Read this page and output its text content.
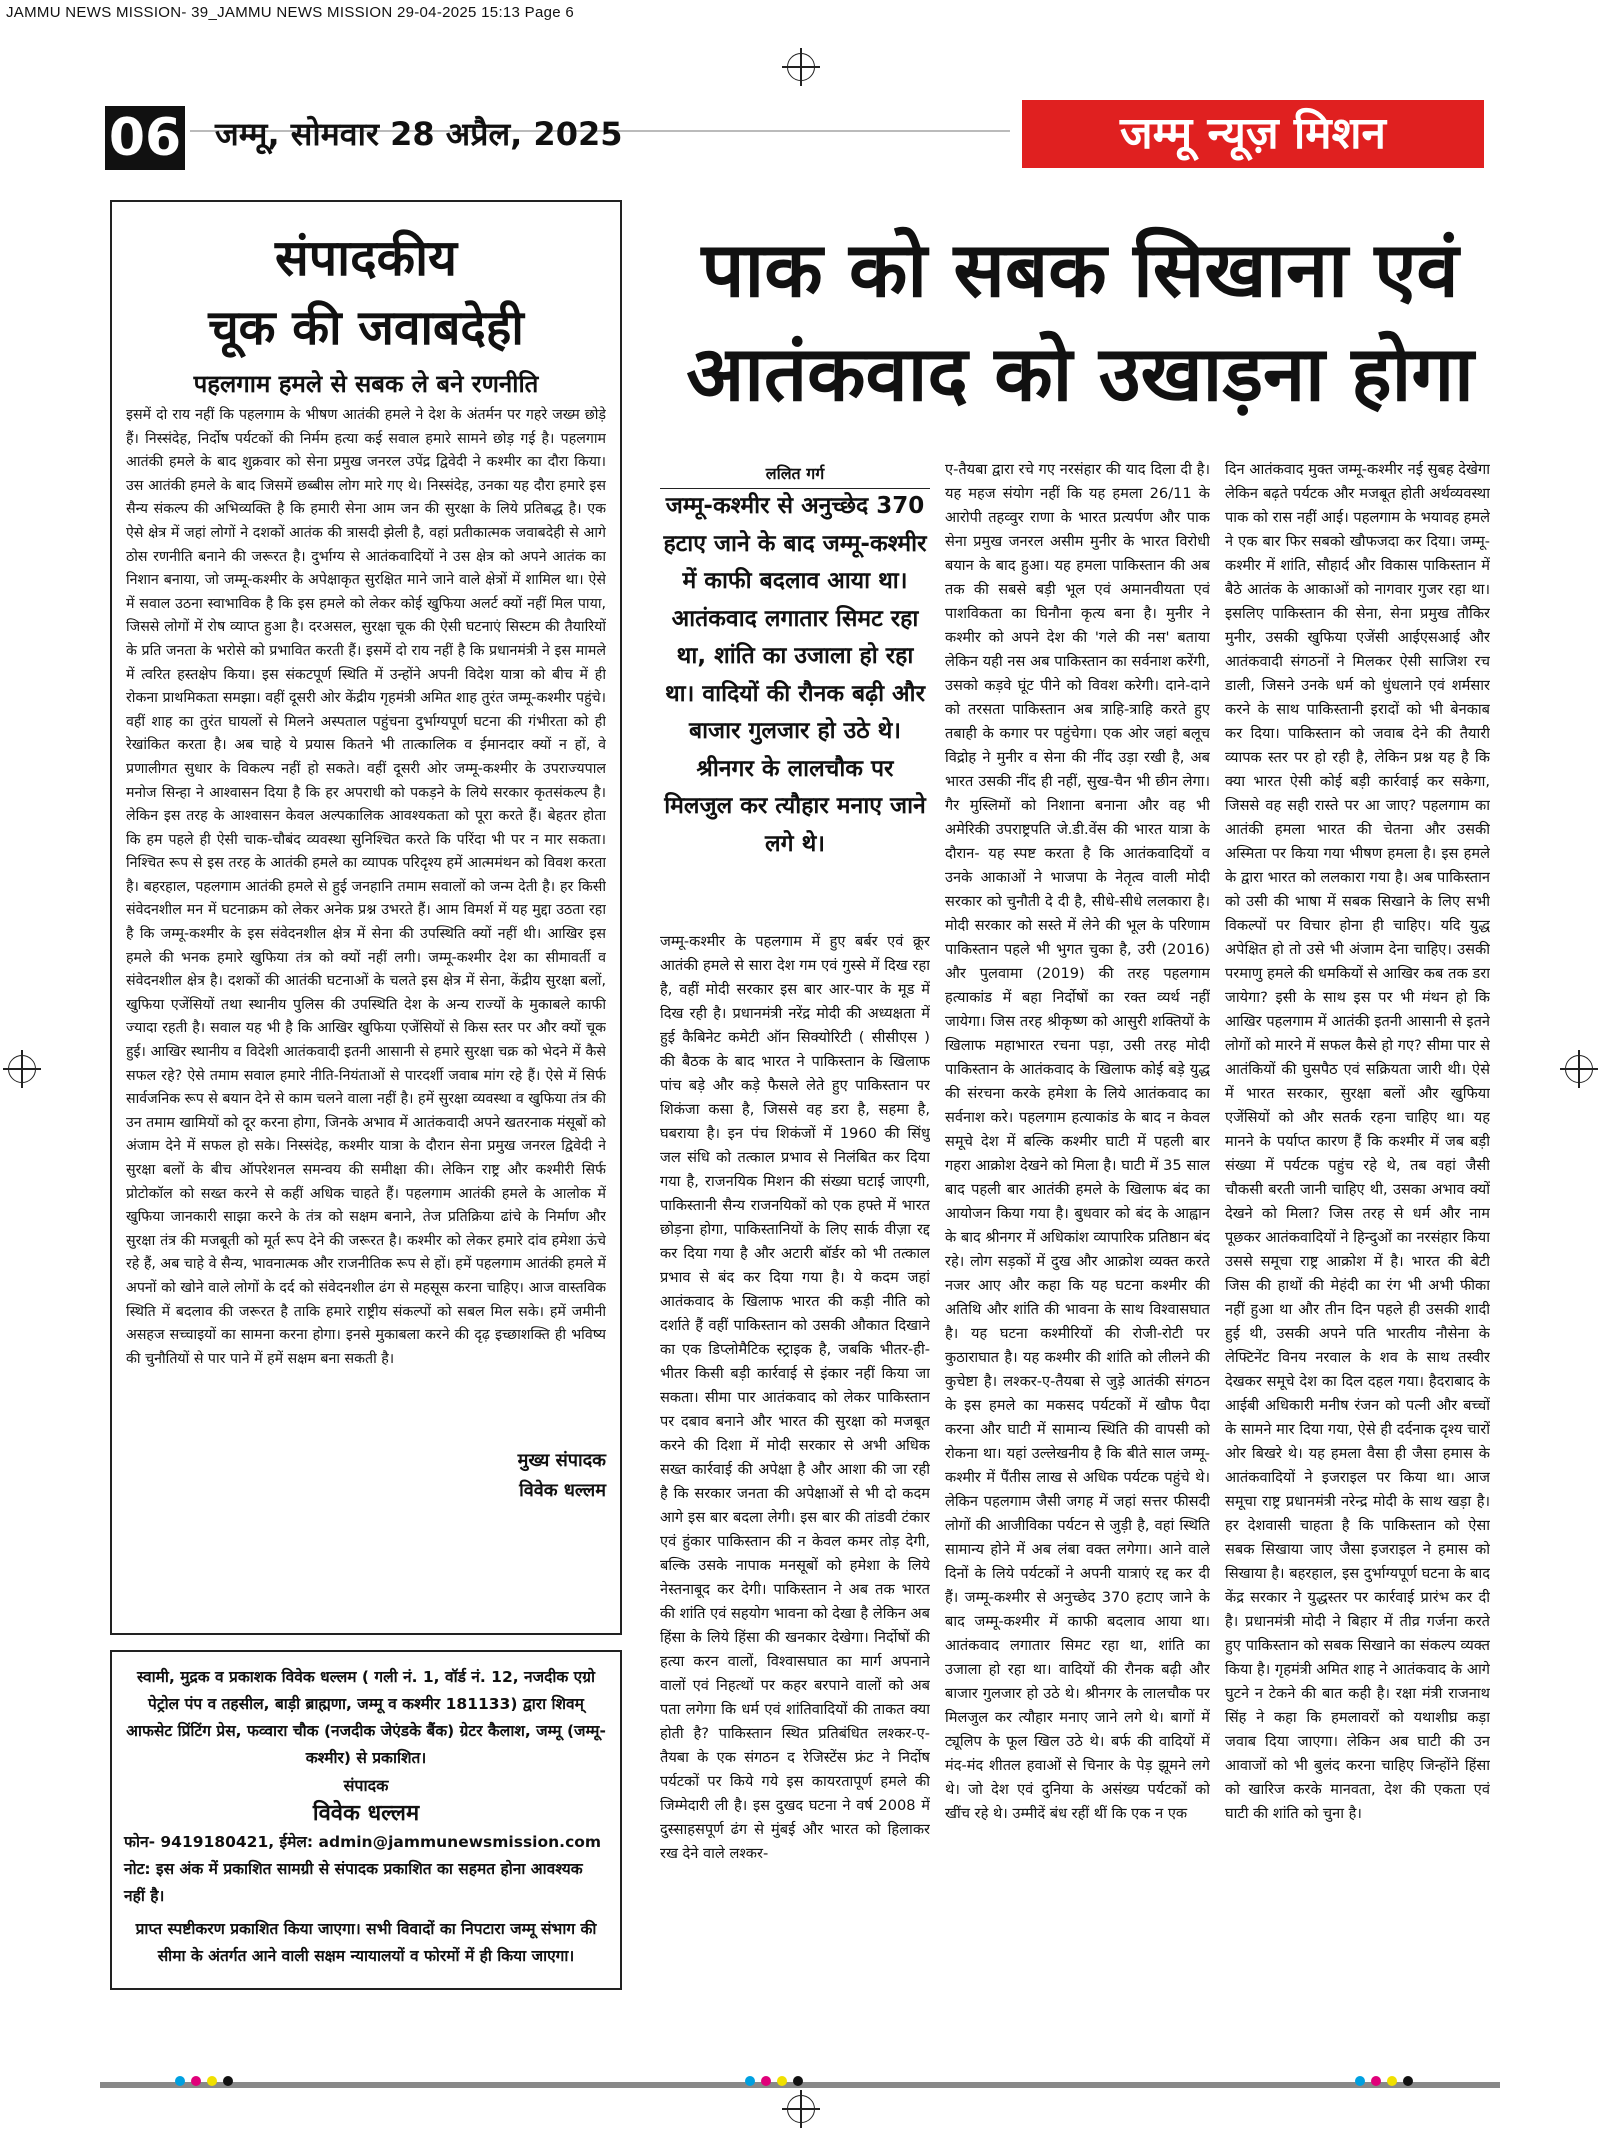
JAMMU NEWS MISSION- 39_JAMMU NEWS MISSION 29-04-2025 15:13 Page 6
06 जम्मू, सोमवार 28 अप्रैल, 2025	जम्मू न्यूज़ मिशन
संपादकीय
चूक की जवाबदेही
पहलगाम हमले से सबक ले बने रणनीति
इसमें दो राय नहीं कि पहलगाम के भीषण आतंकी हमले ने देश के अंतर्मन पर गहरे जख्म छोड़े हैं। निस्संदेह, निर्दोष पर्यटकों की निर्मम हत्या कई सवाल हमारे सामने छोड़ गई है। पहलगाम आतंकी हमले के बाद शुक्रवार को सेना प्रमुख जनरल उपेंद्र द्विवेदी ने कश्मीर का दौरा किया। उस आतंकी हमले के बाद जिसमें छब्बीस लोग मारे गए थे। निस्संदेह, उनका यह दौरा हमारे इस सैन्य संकल्प की अभिव्यक्ति है कि हमारी सेना आम जन की सुरक्षा के लिये प्रतिबद्ध है। एक ऐसे क्षेत्र में जहां लोगों ने दशकों आतंक की त्रासदी झेली है, वहां प्रतीकात्मक जवाबदेही से आगे ठोस रणनीति बनाने की जरूरत है। दुर्भाग्य से आतंकवादियों ने उस क्षेत्र को अपने आतंक का निशान बनाया, जो जम्मू-कश्मीर के अपेक्षाकृत सुरक्षित माने जाने वाले क्षेत्रों में शामिल था। ऐसे में सवाल उठना स्वाभाविक है कि इस हमले को लेकर कोई खुफिया अलर्ट क्यों नहीं मिल पाया, जिससे लोगों में रोष व्याप्त हुआ है। दरअसल, सुरक्षा चूक की ऐसी घटनाएं सिस्टम की तैयारियों के प्रति जनता के भरोसे को प्रभावित करती हैं। इसमें दो राय नहीं है कि प्रधानमंत्री ने इस मामले में त्वरित हस्तक्षेप किया। इस संकटपूर्ण स्थिति में उन्होंने अपनी विदेश यात्रा को बीच में ही रोकना प्राथमिकता समझा। वहीं दूसरी ओर केंद्रीय गृहमंत्री अमित शाह तुरंत जम्मू-कश्मीर पहुंचे। वहीं शाह का तुरंत घायलों से मिलने अस्पताल पहुंचना दुर्भाग्यपूर्ण घटना की गंभीरता को ही रेखांकित करता है। अब चाहे ये प्रयास कितने भी तात्कालिक व ईमानदार क्यों न हों, वे प्रणालीगत सुधार के विकल्प नहीं हो सकते। वहीं दूसरी ओर जम्मू-कश्मीर के उपराज्यपाल मनोज सिन्हा ने आश्वासन दिया है कि हर अपराधी को पकड़ने के लिये सरकार कृतसंकल्प है। लेकिन इस तरह के आश्वासन केवल अल्पकालिक आवश्यकता को पूरा करते हैं। बेहतर होता कि हम पहले ही ऐसी चाक-चौबंद व्यवस्था सुनिश्चित करते कि परिंदा भी पर न मार सकता। निश्चित रूप से इस तरह के आतंकी हमले का व्यापक परिदृश्य हमें आत्ममंथन को विवश करता है। बहरहाल, पहलगाम आतंकी हमले से हुई जनहानि तमाम सवालों को जन्म देती है। हर किसी संवेदनशील मन में घटनाक्रम को लेकर अनेक प्रश्न उभरते हैं। आम विमर्श में यह मुद्दा उठता रहा है कि जम्मू-कश्मीर के इस संवेदनशील क्षेत्र में सेना की उपस्थिति क्यों नहीं थी। आखिर इस हमले की भनक हमारे खुफिया तंत्र को क्यों नहीं लगी। जम्मू-कश्मीर देश का सीमावर्ती व संवेदनशील क्षेत्र है। दशकों की आतंकी घटनाओं के चलते इस क्षेत्र में सेना, केंद्रीय सुरक्षा बलों, खुफिया एजेंसियों तथा स्थानीय पुलिस की उपस्थिति देश के अन्य राज्यों के मुकाबले काफी ज्यादा रहती है। सवाल यह भी है कि आखिर खुफिया एजेंसियों से किस स्तर पर और क्यों चूक हुई। आखिर स्थानीय व विदेशी आतंकवादी इतनी आसानी से हमारे सुरक्षा चक्र को भेदने में कैसे सफल रहे? ऐसे तमाम सवाल हमारे नीति-नियंताओं से पारदर्शी जवाब मांग रहे हैं। ऐसे में सिर्फ सार्वजनिक रूप से बयान देने से काम चलने वाला नहीं है। हमें सुरक्षा व्यवस्था व खुफिया तंत्र की उन तमाम खामियों को दूर करना होगा, जिनके अभाव में आतंकवादी अपने खतरनाक मंसूबों को अंजाम देने में सफल हो सके। निस्संदेह, कश्मीर यात्रा के दौरान सेना प्रमुख जनरल द्विवेदी ने सुरक्षा बलों के बीच ऑपरेशनल समन्वय की समीक्षा की। लेकिन राष्ट्र और कश्मीरी सिर्फ प्रोटोकॉल को सख्त करने से कहीं अधिक चाहते हैं। पहलगाम आतंकी हमले के आलोक में खुफिया जानकारी साझा करने के तंत्र को सक्षम बनाने, तेज प्रतिक्रिया ढांचे के निर्माण और सुरक्षा तंत्र की मजबूती को मूर्त रूप देने की जरूरत है। कश्मीर को लेकर हमारे दांव हमेशा ऊंचे रहे हैं, अब चाहे वे सैन्य, भावनात्मक और राजनीतिक रूप से हों। हमें पहलगाम आतंकी हमले में अपनों को खोने वाले लोगों के दर्द को संवेदनशील ढंग से महसूस करना चाहिए। आज वास्तविक स्थिति में बदलाव की जरूरत है ताकि हमारे राष्ट्रीय संकल्पों को सबल मिल सके। हमें जमीनी असहज सच्चाइयों का सामना करना होगा। इनसे मुकाबला करने की दृढ़ इच्छाशक्ति ही भविष्य की चुनौतियों से पार पाने में हमें सक्षम बना सकती है।
मुख्य संपादक
विवेक धल्लम
स्वामी, मुद्रक व प्रकाशक विवेक धल्लम ( गली नं. 1, वॉर्ड नं. 12, नजदीक एग्रो पेट्रोल पंप व तहसील, बाड़ी ब्राह्मणा, जम्मू व कश्मीर 181133) द्वारा शिवम् आफसेट प्रिंटिंग प्रेस, फव्वारा चौक (नजदीक जेएंडके बैंक) ग्रेटर कैलाश, जम्मू (जम्मू-कश्मीर) से प्रकाशित।
संपादक
विवेक धल्लम
फोन- 9419180421, ईमेल: admin@jammunewsmission.com
नोट: इस अंक में प्रकाशित सामग्री से संपादक प्रकाशित का सहमत होना आवश्यक नहीं है।
प्राप्त स्पष्टीकरण प्रकाशित किया जाएगा। सभी विवादों का निपटारा जम्मू संभाग की सीमा के अंतर्गत आने वाली सक्षम न्यायालयों व फोरमों में ही किया जाएगा।
पाक को सबक सिखाना एवं
आतंकवाद को उखाड़ना होगा
ललित गर्ग
जम्मू-कश्मीर से अनुच्छेद 370 हटाए जाने के बाद जम्मू-कश्मीर में काफी बदलाव आया था। आतंकवाद लगातार सिमट रहा था, शांति का उजाला हो रहा था। वादियों की रौनक बढ़ी और बाजार गुलजार हो उठे थे। श्रीनगर के लालचौक पर मिलजुल कर त्यौहार मनाए जाने लगे थे।
जम्मू-कश्मीर के पहलगाम में हुए बर्बर एवं क्रूर आतंकी हमले से सारा देश गम एवं गुस्से में दिख रहा है, वहीं मोदी सरकार इस बार आर-पार के मूड में दिख रही है। प्रधानमंत्री नरेंद्र मोदी की अध्यक्षता में हुई कैबिनेट कमेटी ऑन सिक्योरिटी ( सीसीएस ) की बैठक के बाद भारत ने पाकिस्तान के खिलाफ पांच बड़े और कड़े फैसले लेते हुए पाकिस्तान पर शिकंजा कसा है, जिससे वह डरा है, सहमा है, घबराया है। इन पंच शिकंजों में 1960 की सिंधु जल संधि को तत्काल प्रभाव से निलंबित कर दिया गया है, राजनयिक मिशन की संख्या घटाई जाएगी, पाकिस्तानी सैन्य राजनयिकों को एक हफ्ते में भारत छोड़ना होगा, पाकिस्तानियों के लिए सार्क वीज़ा रद्द कर दिया गया है और अटारी बॉर्डर को भी तत्काल प्रभाव से बंद कर दिया गया है। ये कदम जहां आतंकवाद के खिलाफ भारत की कड़ी नीति को दर्शाते हैं वहीं पाकिस्तान को उसकी औकात दिखाने का एक डिप्लोमैटिक स्ट्राइक है, जबकि भीतर-ही-भीतर किसी बड़ी कार्रवाई से इंकार नहीं किया जा सकता। सीमा पार आतंकवाद को लेकर पाकिस्तान पर दबाव बनाने और भारत की सुरक्षा को मजबूत करने की दिशा में मोदी सरकार से अभी अधिक सख्त कार्रवाई की अपेक्षा है और आशा की जा रही है कि सरकार जनता की अपेक्षाओं से भी दो कदम आगे इस बार बदला लेगी। इस बार की तांडवी टंकार एवं हुंकार पाकिस्तान की न केवल कमर तोड़ देगी, बल्कि उसके नापाक मनसूबों को हमेशा के लिये नेस्तनाबूद कर देगी। पाकिस्तान ने अब तक भारत की शांति एवं सहयोग भावना को देखा है लेकिन अब हिंसा के लिये हिंसा की खनकार देखेगा। निर्दोषों की हत्या करन वालों, विश्वासघात का मार्ग अपनाने वालों एवं निहत्थों पर कहर बरपाने वालों को अब पता लगेगा कि धर्म एवं शांतिवादियों की ताकत क्या होती है? पाकिस्तान स्थित प्रतिबंधित लश्कर-ए-तैयबा के एक संगठन द रेजिस्टेंस फ्रंट ने निर्दोष पर्यटकों पर किये गये इस कायरतापूर्ण हमले की जिम्मेदारी ली है। इस दुखद घटना ने वर्ष 2008 में दुस्साहसपूर्ण ढंग से मुंबई और भारत को हिलाकर रख देने वाले लश्कर-
ए-तैयबा द्वारा रचे गए नरसंहार की याद दिला दी है। यह महज संयोग नहीं कि यह हमला 26/11 के आरोपी तहव्वुर राणा के भारत प्रत्यर्पण और पाक सेना प्रमुख जनरल असीम मुनीर के भारत विरोधी बयान के बाद हुआ। यह हमला पाकिस्तान की अब तक की सबसे बड़ी भूल एवं अमानवीयता एवं पाशविकता का घिनौना कृत्य बना है। मुनीर ने कश्मीर को अपने देश की 'गले की नस' बताया लेकिन यही नस अब पाकिस्तान का सर्वनाश करेंगी, उसको कड़वे घूंट पीने को विवश करेगी। दाने-दाने को तरसता पाकिस्तान अब त्राहि-त्राहि करते हुए तबाही के कगार पर पहुंचेगा। एक ओर जहां बलूच विद्रोह ने मुनीर व सेना की नींद उड़ा रखी है, अब भारत उसकी नींद ही नहीं, सुख-चैन भी छीन लेगा। गैर मुस्लिमों को निशाना बनाना और वह भी अमेरिकी उपराष्ट्रपति जे.डी.वेंस की भारत यात्रा के दौरान- यह स्पष्ट करता है कि आतंकवादियों व उनके आकाओं ने भाजपा के नेतृत्व वाली मोदी सरकार को चुनौती दे दी है, सीधे-सीधे ललकारा है। मोदी सरकार को सस्ते में लेने की भूल के परिणाम पाकिस्तान पहले भी भुगत चुका है, उरी (2016) और पुलवामा (2019) की तरह पहलगाम हत्याकांड में बहा निर्दोषों का रक्त व्यर्थ नहीं जायेगा। जिस तरह श्रीकृष्ण को आसुरी शक्तियों के खिलाफ महाभारत रचना पड़ा, उसी तरह मोदी पाकिस्तान के आतंकवाद के खिलाफ कोई बड़े युद्ध की संरचना करके हमेशा के लिये आतंकवाद का सर्वनाश करे। पहलगाम हत्याकांड के बाद न केवल समूचे देश में बल्कि कश्मीर घाटी में पहली बार गहरा आक्रोश देखने को मिला है। घाटी में 35 साल बाद पहली बार आतंकी हमले के खिलाफ बंद का आयोजन किया गया है। बुधवार को बंद के आह्वान के बाद श्रीनगर में अधिकांश व्यापारिक प्रतिष्ठान बंद रहे। लोग सड़कों में दुख और आक्रोश व्यक्त करते नजर आए और कहा कि यह घटना कश्मीर की अतिथि और शांति की भावना के साथ विश्वासघात है। यह घटना कश्मीरियों की रोजी-रोटी पर कुठाराघात है। यह कश्मीर की शांति को लीलने की कुचेष्टा है। लश्कर-ए-तैयबा से जुड़े आतंकी संगठन के इस हमले का मकसद पर्यटकों में खौफ पैदा करना और घाटी में सामान्य स्थिति की वापसी को रोकना था। यहां उल्लेखनीय है कि बीते साल जम्मू-कश्मीर में पैंतीस लाख से अधिक पर्यटक पहुंचे थे। लेकिन पहलगाम जैसी जगह में जहां सत्तर फीसदी लोगों की आजीविका पर्यटन से जुड़ी है, वहां स्थिति सामान्य होने में अब लंबा वक्त लगेगा। आने वाले दिनों के लिये पर्यटकों ने अपनी यात्राएं रद्द कर दी हैं। जम्मू-कश्मीर से अनुच्छेद 370 हटाए जाने के बाद जम्मू-कश्मीर में काफी बदलाव आया था। आतंकवाद लगातार सिमट रहा था, शांति का उजाला हो रहा था। वादियों की रौनक बढ़ी और बाजार गुलजार हो उठे थे। श्रीनगर के लालचौक पर मिलजुल कर त्यौहार मनाए जाने लगे थे। बागों में ट्यूलिप के फूल खिल उठे थे। बर्फ की वादियों में मंद-मंद शीतल हवाओं से चिनार के पेड़ झूमने लगे थे। जो देश एवं दुनिया के असंख्य पर्यटकों को खींच रहे थे। उम्मीदें बंध रहीं थीं कि एक न एक
दिन आतंकवाद मुक्त जम्मू-कश्मीर नई सुबह देखेगा लेकिन बढ़ते पर्यटक और मजबूत होती अर्थव्यवस्था पाक को रास नहीं आई। पहलगाम के भयावह हमले ने एक बार फिर सबको खौफजदा कर दिया। जम्मू-कश्मीर में शांति, सौहार्द और विकास पाकिस्तान में बैठे आतंक के आकाओं को नागवार गुजर रहा था। इसलिए पाकिस्तान की सेना, सेना प्रमुख तौकिर मुनीर, उसकी खुफिया एजेंसी आईएसआई और आतंकवादी संगठनों ने मिलकर ऐसी साजिश रच डाली, जिसने उनके धर्म को धुंधलाने एवं शर्मसार करने के साथ पाकिस्तानी इरादों को भी बेनकाब कर दिया। पाकिस्तान को जवाब देने की तैयारी व्यापक स्तर पर हो रही है, लेकिन प्रश्न यह है कि क्या भारत ऐसी कोई बड़ी कार्रवाई कर सकेगा, जिससे वह सही रास्ते पर आ जाए? पहलगाम का आतंकी हमला भारत की चेतना और उसकी अस्मिता पर किया गया भीषण हमला है। इस हमले के द्वारा भारत को ललकारा गया है। अब पाकिस्तान को उसी की भाषा में सबक सिखाने के लिए सभी विकल्पों पर विचार होना ही चाहिए। यदि युद्ध अपेक्षित हो तो उसे भी अंजाम देना चाहिए। उसकी परमाणु हमले की धमकियों से आखिर कब तक डरा जायेगा? इसी के साथ इस पर भी मंथन हो कि आखिर पहलगाम में आतंकी इतनी आसानी से इतने लोगों को मारने में सफल कैसे हो गए? सीमा पार से आतंकियों की घुसपैठ एवं सक्रियता जारी थी। ऐसे में भारत सरकार, सुरक्षा बलों और खुफिया एजेंसियों को और सतर्क रहना चाहिए था। यह मानने के पर्याप्त कारण हैं कि कश्मीर में जब बड़ी संख्या में पर्यटक पहुंच रहे थे, तब वहां जैसी चौकसी बरती जानी चाहिए थी, उसका अभाव क्यों देखने को मिला? जिस तरह से धर्म और नाम पूछकर आतंकवादियों ने हिन्दुओं का नरसंहार किया उससे समूचा राष्ट्र आक्रोश में है। भारत की बेटी जिस की हाथों की मेहंदी का रंग भी अभी फीका नहीं हुआ था और तीन दिन पहले ही उसकी शादी हुई थी, उसकी अपने पति भारतीय नौसेना के लेफ्टिनेंट विनय नरवाल के शव के साथ तस्वीर देखकर समूचे देश का दिल दहल गया। हैदराबाद के आईबी अधिकारी मनीष रंजन को पत्नी और बच्चों के सामने मार दिया गया, ऐसे ही दर्दनाक दृश्य चारों ओर बिखरे थे। यह हमला वैसा ही जैसा हमास के आतंकवादियों ने इजराइल पर किया था। आज समूचा राष्ट्र प्रधानमंत्री नरेन्द्र मोदी के साथ खड़ा है। हर देशवासी चाहता है कि पाकिस्तान को ऐसा सबक सिखाया जाए जैसा इजराइल ने हमास को सिखाया है। बहरहाल, इस दुर्भाग्यपूर्ण घटना के बाद केंद्र सरकार ने युद्धस्तर पर कार्रवाई प्रारंभ कर दी है। प्रधानमंत्री मोदी ने बिहार में तीव्र गर्जना करते हुए पाकिस्तान को सबक सिखाने का संकल्प व्यक्त किया है। गृहमंत्री अमित शाह ने आतंकवाद के आगे घुटने न टेकने की बात कही है। रक्षा मंत्री राजनाथ सिंह ने कहा कि हमलावरों को यथाशीघ्र कड़ा जवाब दिया जाएगा। लेकिन अब घाटी की उन आवाजों को भी बुलंद करना चाहिए जिन्होंने हिंसा को खारिज करके मानवता, देश की एकता एवं घाटी की शांति को चुना है।
